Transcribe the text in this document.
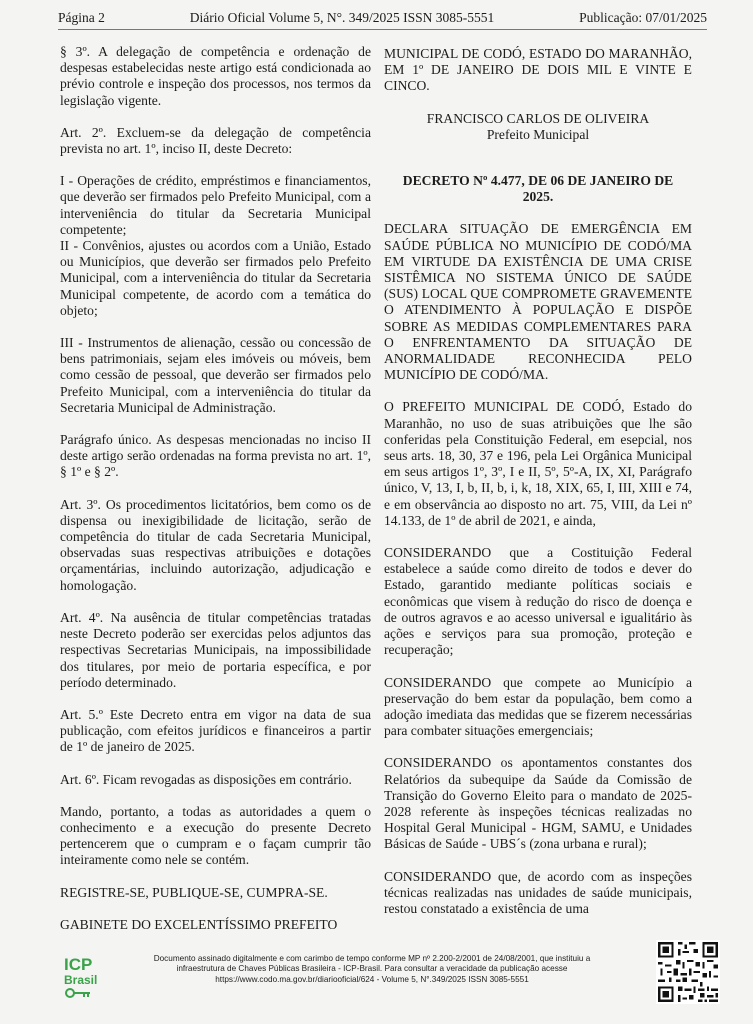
Página 2	Diário Oficial Volume 5, N°. 349/2025 ISSN 3085-5551	Publicação: 07/01/2025

§ 3º. A delegação de competência e ordenação de despesas estabelecidas neste artigo está condicionada ao prévio controle e inspeção dos processos, nos termos da legislação vigente.

Art. 2º. Excluem-se da delegação de competência prevista no art. 1º, inciso II, deste Decreto:

I - Operações de crédito, empréstimos e financiamentos, que deverão ser firmados pelo Prefeito Municipal, com a interveniência do titular da Secretaria Municipal competente;

II - Convênios, ajustes ou acordos com a União, Estado ou Municípios, que deverão ser firmados pelo Prefeito Municipal, com a interveniência do titular da Secretaria Municipal competente, de acordo com a temática do objeto;

III - Instrumentos de alienação, cessão ou concessão de bens patrimoniais, sejam eles imóveis ou móveis, bem como cessão de pessoal, que deverão ser firmados pelo Prefeito Municipal, com a interveniência do titular da Secretaria Municipal de Administração.

Parágrafo único. As despesas mencionadas no inciso II deste artigo serão ordenadas na forma prevista no art. 1º, § 1º e § 2º.

Art. 3º. Os procedimentos licitatórios, bem como os de dispensa ou inexigibilidade de licitação, serão de competência do titular de cada Secretaria Municipal, observadas suas respectivas atribuições e dotações orçamentárias, incluindo autorização, adjudicação e homologação.

Art. 4º. Na ausência de titular competências tratadas neste Decreto poderão ser exercidas pelos adjuntos das respectivas Secretarias Municipais, na impossibilidade dos titulares, por meio de portaria específica, e por período determinado.

Art. 5.º Este Decreto entra em vigor na data de sua publicação, com efeitos jurídicos e financeiros a partir de 1º de janeiro de 2025.

Art. 6º. Ficam revogadas as disposições em contrário.

Mando, portanto, a todas as autoridades a quem o conhecimento e a execução do presente Decreto pertencerem que o cumpram e o façam cumprir tão inteiramente como nele se contém.

REGISTRE-SE, PUBLIQUE-SE, CUMPRA-SE.

GABINETE DO EXCELENTÍSSIMO PREFEITO

MUNICIPAL DE CODÓ, ESTADO DO MARANHÃO, EM 1º DE JANEIRO DE DOIS MIL E VINTE E CINCO.

FRANCISCO CARLOS DE OLIVEIRA

Prefeito Municipal

DECRETO Nº 4.477, DE 06 DE JANEIRO DE 2025.

DECLARA SITUAÇÃO DE EMERGÊNCIA EM SAÚDE PÚBLICA NO MUNICÍPIO DE CODÓ/MA EM VIRTUDE DA EXISTÊNCIA DE UMA CRISE SISTÊMICA NO SISTEMA ÚNICO DE SAÚDE (SUS) LOCAL QUE COMPROMETE GRAVEMENTE O ATENDIMENTO À POPULAÇÃO E DISPÕE SOBRE AS MEDIDAS COMPLEMENTARES PARA O ENFRENTAMENTO DA SITUAÇÃO DE ANORMALIDADE RECONHECIDA PELO MUNICÍPIO DE CODÓ/MA.

O PREFEITO MUNICIPAL DE CODÓ, Estado do Maranhão, no uso de suas atribuições que lhe são conferidas pela Constituição Federal, em esepcial, nos seus arts. 18, 30, 37 e 196, pela Lei Orgânica Municipal em seus artigos 1º, 3º, I e II, 5º, 5º-A, IX, XI, Parágrafo único, V, 13, I, b, II, b, i, k, 18, XIX, 65, I, III, XIII e 74, e em observância ao disposto no art. 75, VIII, da Lei nº 14.133, de 1º de abril de 2021, e ainda,

CONSIDERANDO que a Costituição Federal estabelece a saúde como direito de todos e dever do Estado, garantido mediante políticas sociais e econômicas que visem à redução do risco de doença e de outros agravos e ao acesso universal e igualitário às ações e serviços para sua promoção, proteção e recuperação;

CONSIDERANDO que compete ao Município a preservação do bem estar da população, bem como a adoção imediata das medidas que se fizerem necessárias para combater situações emergenciais;

CONSIDERANDO os apontamentos constantes dos Relatórios da subequipe da Saúde da Comissão de Transição do Governo Eleito para o mandato de 2025-2028 referente às inspeções técnicas realizadas no Hospital Geral Municipal - HGM, SAMU, e Unidades Básicas de Saúde - UBS´s (zona urbana e rural);

CONSIDERANDO que, de acordo com as inspeções técnicas realizadas nas unidades de saúde municipais, restou constatado a existência de uma

ICP
Brasil
Documento assinado digitalmente e com carimbo de tempo conforme MP nº 2.200-2/2001 de 24/08/2001, que instituiu a
infraestrutura de Chaves Públicas Brasileira - ICP-Brasil. Para consultar a veracidade da publicação acesse
https://www.codo.ma.gov.br/diariooficial/624 - Volume 5, N°.349/2025 ISSN 3085-5551
